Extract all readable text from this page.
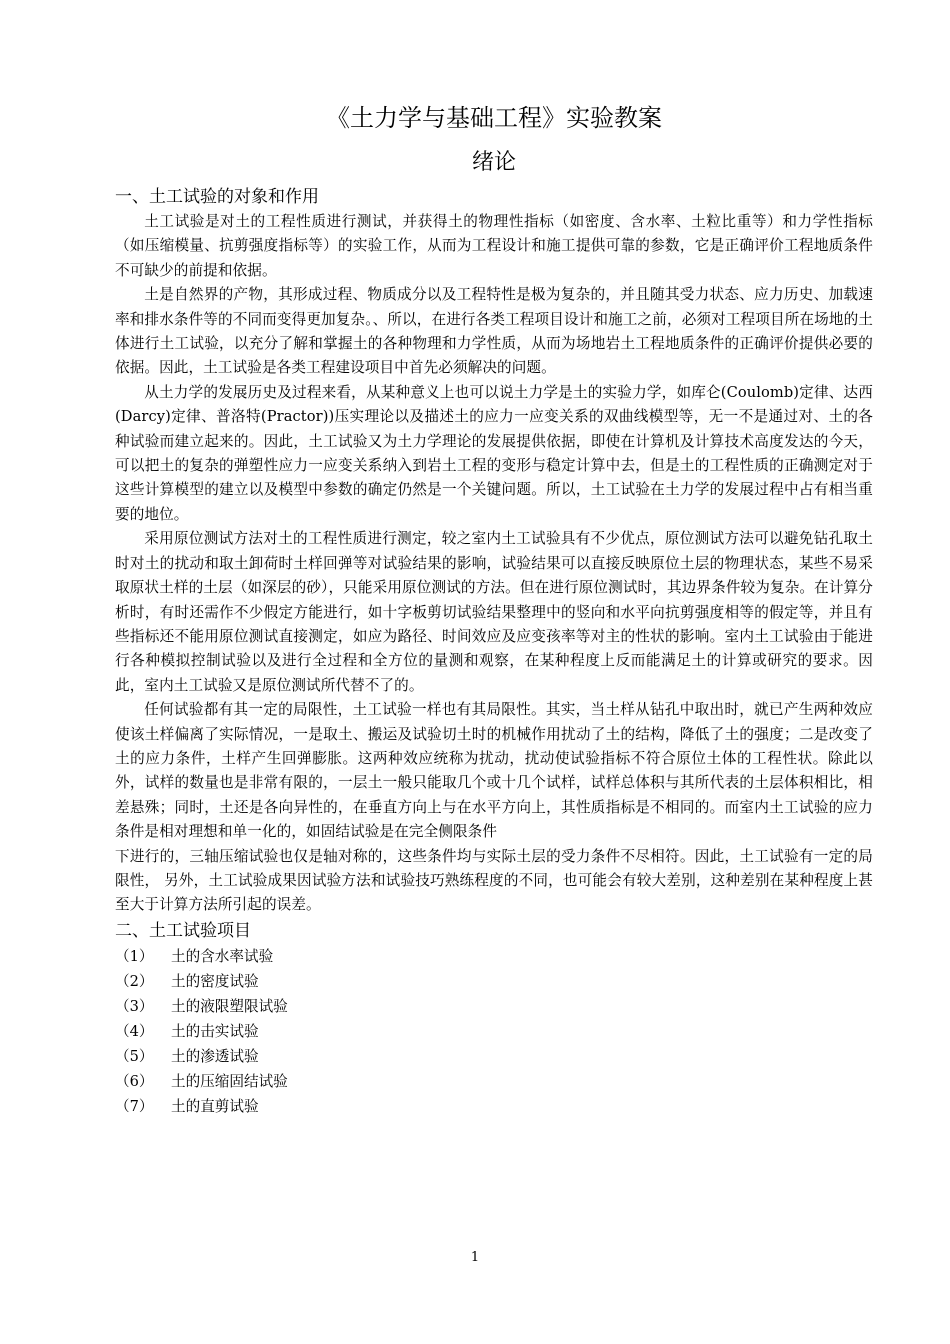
《土力学与基础工程》实验教案
绪论
一、土工试验的对象和作用

土工试验是对土的工程性质进行测试，并获得土的物理性指标（如密度、含水率、土粒比重等）和力学性指标（如压缩模量、抗剪强度指标等）的实验工作，从而为工程设计和施工提供可靠的参数，它是正确评价工程地质条件不可缺少的前提和依据。

土是自然界的产物，其形成过程、物质成分以及工程特性是极为复杂的，并且随其受力状态、应力历史、加载速率和排水条件等的不同而变得更加复杂。、所以，在进行各类工程项目设计和施工之前，必须对工程项目所在场地的土体进行土工试验，以充分了解和掌握土的各种物理和力学性质，从而为场地岩土工程地质条件的正确评价提供必要的依据。因此，土工试验是各类工程建设项目中首先必须解决的问题。

从土力学的发展历史及过程来看，从某种意义上也可以说土力学是土的实验力学，如库仑(Coulomb)定律、达西(Darcy)定律、普洛特(Practor))压实理论以及描述土的应力一应变关系的双曲线模型等，无一不是通过对、土的各种试验而建立起来的。因此，土工试验又为土力学理论的发展提供依据，即使在计算机及计算技术高度发达的今天，可以把土的复杂的弹塑性应力一应变关系纳入到岩土工程的变形与稳定计算中去，但是土的工程性质的正确测定对于这些计算模型的建立以及模型中参数的确定仍然是一个关键问题。所以，土工试验在土力学的发展过程中占有相当重要的地位。

采用原位测试方法对土的工程性质进行测定，较之室内土工试验具有不少优点，原位测试方法可以避免钻孔取土时对土的扰动和取土卸荷时土样回弹等对试验结果的影响，试验结果可以直接反映原位土层的物理状态，某些不易采取原状土样的土层（如深层的砂），只能采用原位测试的方法。但在进行原位测试时，其边界条件较为复杂。在计算分析时，有时还需作不少假定方能进行，如十字板剪切试验结果整理中的竖向和水平向抗剪强度相等的假定等，并且有些指标还不能用原位测试直接测定，如应为路径、时间效应及应变孩率等对主的性状的影响。室内土工试验由于能进行各种模拟控制试验以及进行全过程和全方位的量测和观察，在某种程度上反而能满足土的计算或研究的要求。因此，室内土工试验又是原位测试所代替不了的。

任何试验都有其一定的局限性，土工试验一样也有其局限性。其实，当土样从钻孔中取出时，就已产生两种效应使该土样偏离了实际情况，一是取土、搬运及试验切土时的机械作用扰动了土的结构，降低了土的强度；二是改变了土的应力条件，土样产生回弹膨胀。这两种效应统称为扰动，扰动使试验指标不符合原位土体的工程性状。除此以外，试样的数量也是非常有限的，一层土一般只能取几个或十几个试样，试样总体积与其所代表的土层体积相比，相差悬殊；同时，土还是各向异性的，在垂直方向上与在水平方向上，其性质指标是不相同的。而室内土工试验的应力条件是相对理想和单一化的，如固结试验是在完全侧限条件

下进行的，三轴压缩试验也仅是轴对称的，这些条件均与实际土层的受力条件不尽相符。因此，土工试验有一定的局限性， 另外，土工试验成果因试验方法和试验技巧熟练程度的不同，也可能会有较大差别，这种差别在某种程度上甚至大于计算方法所引起的误差。

二、土工试验项目
（1）	土的含水率试验
（2）	土的密度试验
（3）	土的液限塑限试验
（4）	土的击实试验
（5）	土的渗透试验
（6）	土的压缩固结试验
（7）	土的直剪试验
1
